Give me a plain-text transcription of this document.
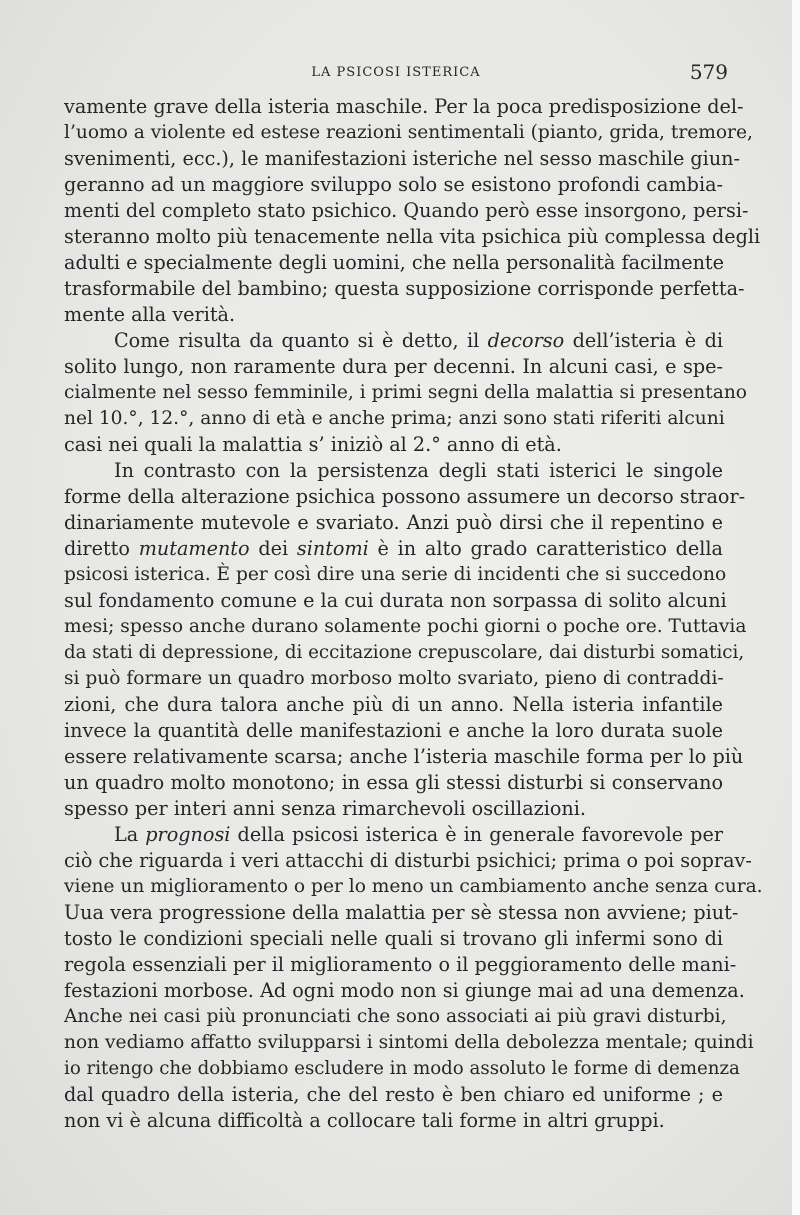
LA PSICOSI ISTERICA	579
vamente grave della isteria maschile. Per la poca predisposizione del-
l’uomo a violente ed estese reazioni sentimentali (pianto, grida, tremore,
svenimenti, ecc.), le manifestazioni isteriche nel sesso maschile giun-
geranno ad un maggiore sviluppo solo se esistono profondi cambia-
menti del completo stato psichico. Quando però esse insorgono, persi-
steranno molto più tenacemente nella vita psichica più complessa degli
adulti e specialmente degli uomini, che nella personalità facilmente
trasformabile del bambino; questa supposizione corrisponde perfetta-
mente alla verità.
Come risulta da quanto si è detto, il decorso dell’isteria è di
solito lungo, non raramente dura per decenni. In alcuni casi, e spe-
cialmente nel sesso femminile, i primi segni della malattia si presentano
nel 10.°, 12.°, anno di età e anche prima; anzi sono stati riferiti alcuni
casi nei quali la malattia s’ iniziò al 2.° anno di età.
In contrasto con la persistenza degli stati isterici le singole
forme della alterazione psichica possono assumere un decorso straor-
dinariamente mutevole e svariato. Anzi può dirsi che il repentino e
diretto mutamento dei sintomi è in alto grado caratteristico della
psicosi isterica. È per così dire una serie di incidenti che si succedono
sul fondamento comune e la cui durata non sorpassa di solito alcuni
mesi; spesso anche durano solamente pochi giorni o poche ore. Tuttavia
da stati di depressione, di eccitazione crepuscolare, dai disturbi somatici,
si può formare un quadro morboso molto svariato, pieno di contraddi-
zioni, che dura talora anche più di un anno. Nella isteria infantile
invece la quantità delle manifestazioni e anche la loro durata suole
essere relativamente scarsa; anche l’isteria maschile forma per lo più
un quadro molto monotono; in essa gli stessi disturbi si conservano
spesso per interi anni senza rimarchevoli oscillazioni.
La prognosi della psicosi isterica è in generale favorevole per
ciò che riguarda i veri attacchi di disturbi psichici; prima o poi soprav-
viene un miglioramento o per lo meno un cambiamento anche senza cura.
Uua vera progressione della malattia per sè stessa non avviene; piut-
tosto le condizioni speciali nelle quali si trovano gli infermi sono di
regola essenziali per il miglioramento o il peggioramento delle mani-
festazioni morbose. Ad ogni modo non si giunge mai ad una demenza.
Anche nei casi più pronunciati che sono associati ai più gravi disturbi,
non vediamo affatto svilupparsi i sintomi della debolezza mentale; quindi
io ritengo che dobbiamo escludere in modo assoluto le forme di demenza
dal quadro della isteria, che del resto è ben chiaro ed uniforme ; e
non vi è alcuna difficoltà a collocare tali forme in altri gruppi.
